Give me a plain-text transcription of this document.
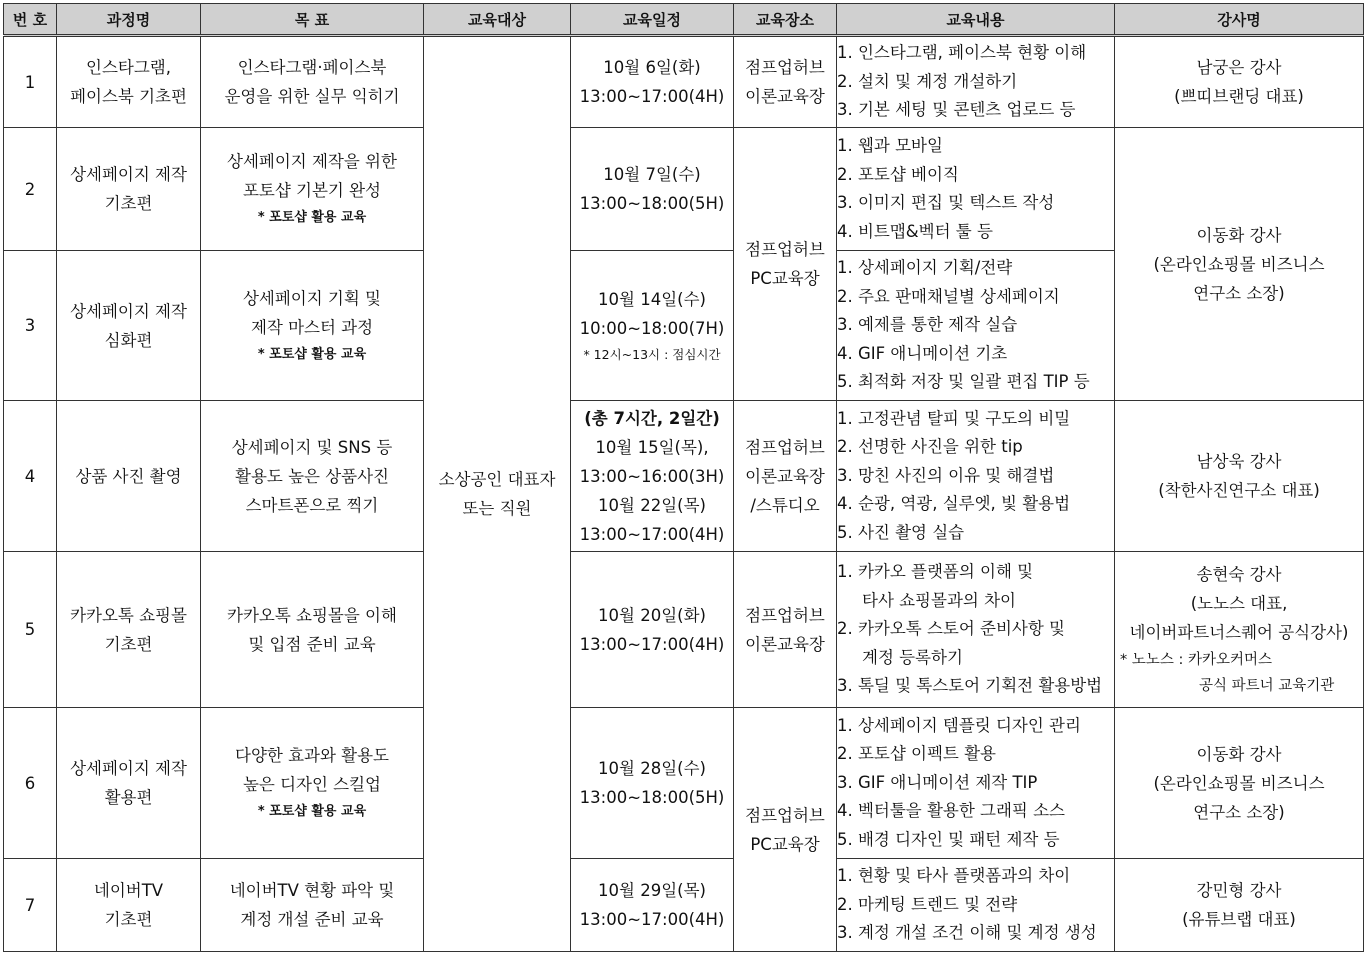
번 호	과정명	목 표	교육대상	교육일정	교육장소	교육내용	강사명
1	인스타그램,
페이스북 기초편	인스타그램·페이스북
운영을 위한 실무 익히기	소상공인 대표자
또는 직원	10월 6일(화)
13:00~17:00(4H)	점프업허브
이론교육장	1. 인스타그램, 페이스북 현황 이해
2. 설치 및 계정 개설하기
3. 기본 세팅 및 콘텐츠 업로드 등	남궁은 강사
(쁘띠브랜딩 대표)

2	상세페이지 제작
기초편	상세페이지 제작을 위한
포토샵 기본기 완성
* 포토샵 활용 교육		10월 7일(수)
13:00~18:00(5H)	점프업허브
PC교육장	1. 웹과 모바일
2. 포토샵 베이직
3. 이미지 편집 및 텍스트 작성
4. 비트맵&벡터 툴 등	이동화 강사
(온라인쇼핑몰 비즈니스
연구소 소장)

3	상세페이지 제작
심화편	상세페이지 기획 및
제작 마스터 과정
* 포토샵 활용 교육		10월 14일(수)
10:00~18:00(7H)
* 12시~13시 : 점심시간		1. 상세페이지 기획/전략
2. 주요 판매채널별 상세페이지
3. 예제를 통한 제작 실습
4. GIF 애니메이션 기초
5. 최적화 저장 및 일괄 편집 TIP 등	

4	상품 사진 촬영	상세페이지 및 SNS 등
활용도 높은 상품사진
스마트폰으로 찍기		(총 7시간, 2일간)
10월 15일(목),
13:00~16:00(3H)
10월 22일(목)
13:00~17:00(4H)	점프업허브
이론교육장
/스튜디오	1. 고정관념 탈피 및 구도의 비밀
2. 선명한 사진을 위한 tip
3. 망친 사진의 이유 및 해결법
4. 순광, 역광, 실루엣, 빛 활용법
5. 사진 촬영 실습	남상욱 강사
(착한사진연구소 대표)

5	카카오톡 쇼핑몰
기초편	카카오톡 쇼핑몰을 이해
및 입점 준비 교육		10월 20일(화)
13:00~17:00(4H)	점프업허브
이론교육장	1. 카카오 플랫폼의 이해 및
타사 쇼핑몰과의 차이
2. 카카오톡 스토어 준비사항 및
계정 등록하기
3. 톡딜 및 톡스토어 기획전 활용방법	송현숙 강사
(노노스 대표,
네이버파트너스퀘어 공식강사)
* 노노스 : 카카오커머스
공식 파트너 교육기관

6	상세페이지 제작
활용편	다양한 효과와 활용도
높은 디자인 스킬업
* 포토샵 활용 교육		10월 28일(수)
13:00~18:00(5H)	점프업허브
PC교육장	1. 상세페이지 템플릿 디자인 관리
2. 포토샵 이펙트 활용
3. GIF 애니메이션 제작 TIP
4. 벡터툴을 활용한 그래픽 소스
5. 배경 디자인 및 패턴 제작 등	이동화 강사
(온라인쇼핑몰 비즈니스
연구소 소장)

7	네이버TV
기초편	네이버TV 현황 파악 및
계정 개설 준비 교육		10월 29일(목)
13:00~17:00(4H)		1. 현황 및 타사 플랫폼과의 차이
2. 마케팅 트렌드 및 전략
3. 계정 개설 조건 이해 및 계정 생성	강민형 강사
(유튜브랩 대표)
